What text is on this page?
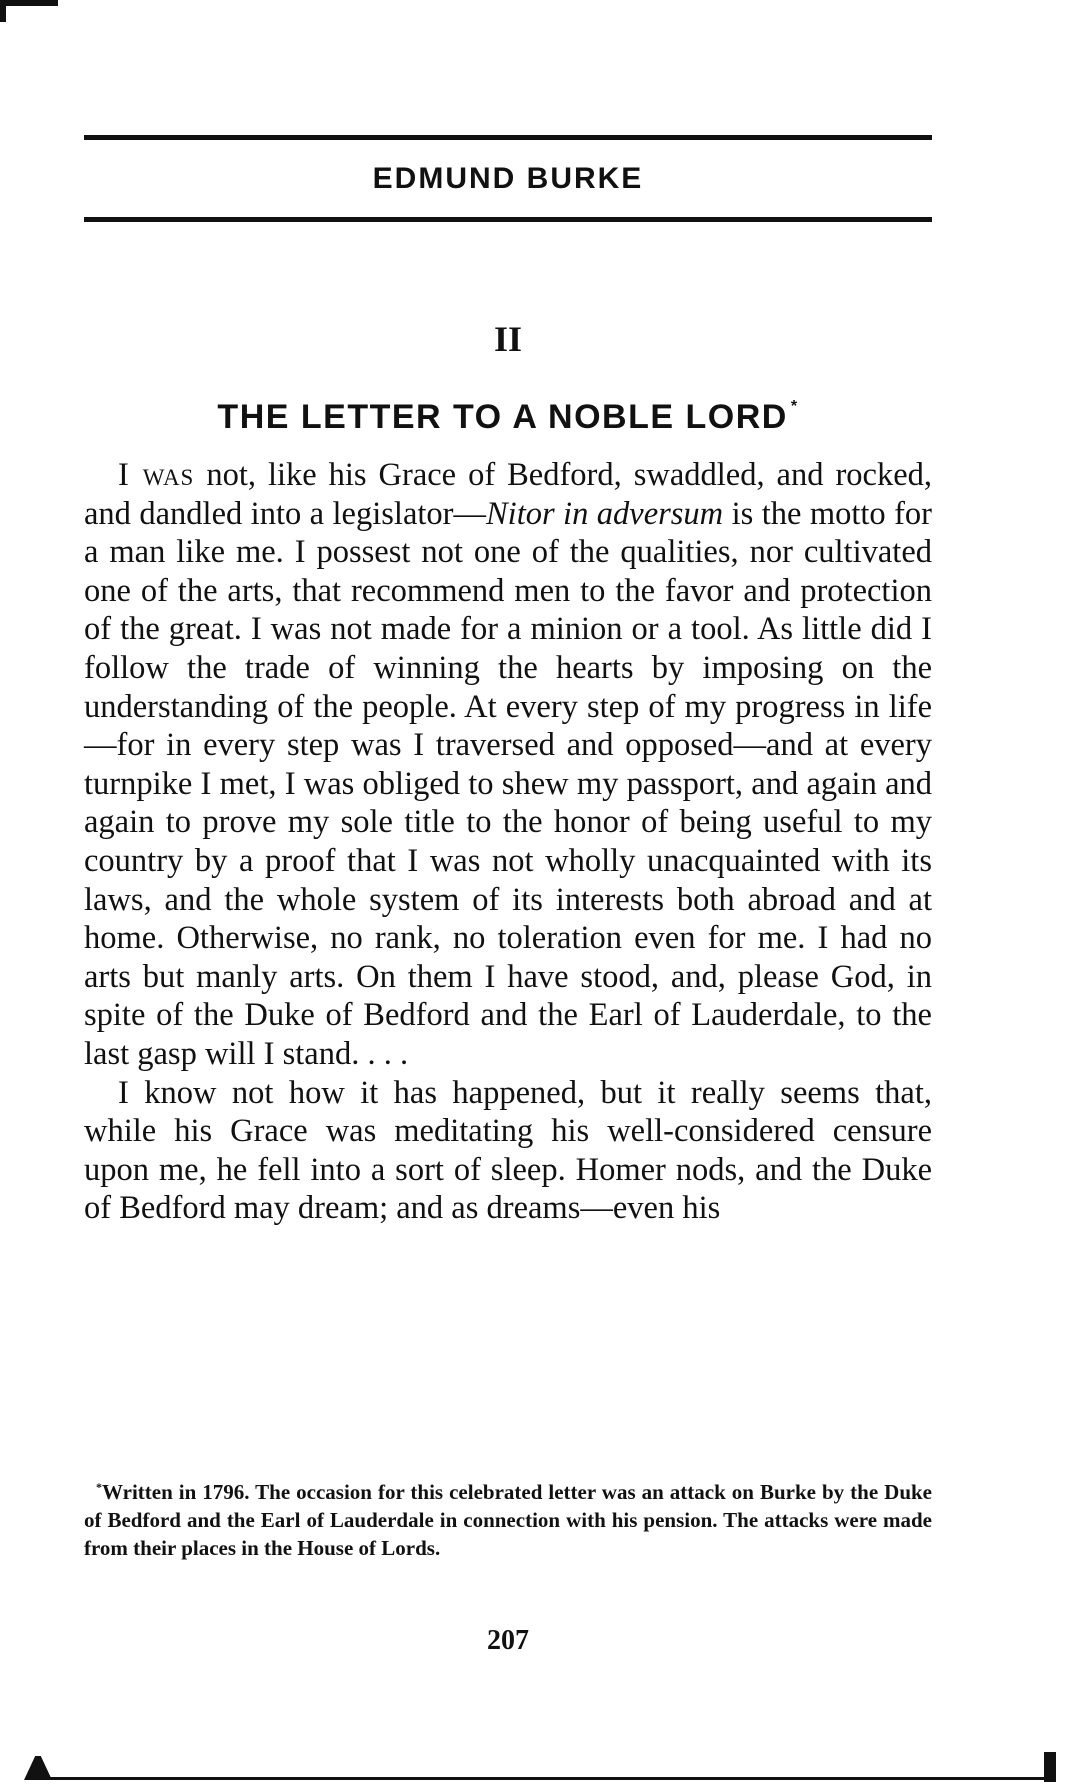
EDMUND BURKE
II
THE LETTER TO A NOBLE LORD *

I was not, like his Grace of Bedford, swaddled, and rocked, and dandled into a legislator—Nitor in adversum is the motto for a man like me. I possest not one of the qualities, nor cultivated one of the arts, that recommend men to the favor and protection of the great. I was not made for a minion or a tool. As little did I follow the trade of winning the hearts by imposing on the understanding of the people. At every step of my progress in life—for in every step was I traversed and opposed—and at every turnpike I met, I was obliged to shew my passport, and again and again to prove my sole title to the honor of being useful to my country by a proof that I was not wholly unacquainted with its laws, and the whole system of its interests both abroad and at home. Otherwise, no rank, no toleration even for me. I had no arts but manly arts. On them I have stood, and, please God, in spite of the Duke of Bedford and the Earl of Lauderdale, to the last gasp will I stand. . . .

I know not how it has happened, but it really seems that, while his Grace was meditating his well-considered censure upon me, he fell into a sort of sleep. Homer nods, and the Duke of Bedford may dream; and as dreams—even his

*Written in 1796. The occasion for this celebrated letter was an attack on Burke by the Duke of Bedford and the Earl of Lauderdale in connection with his pension. The attacks were made from their places in the House of Lords.

207
